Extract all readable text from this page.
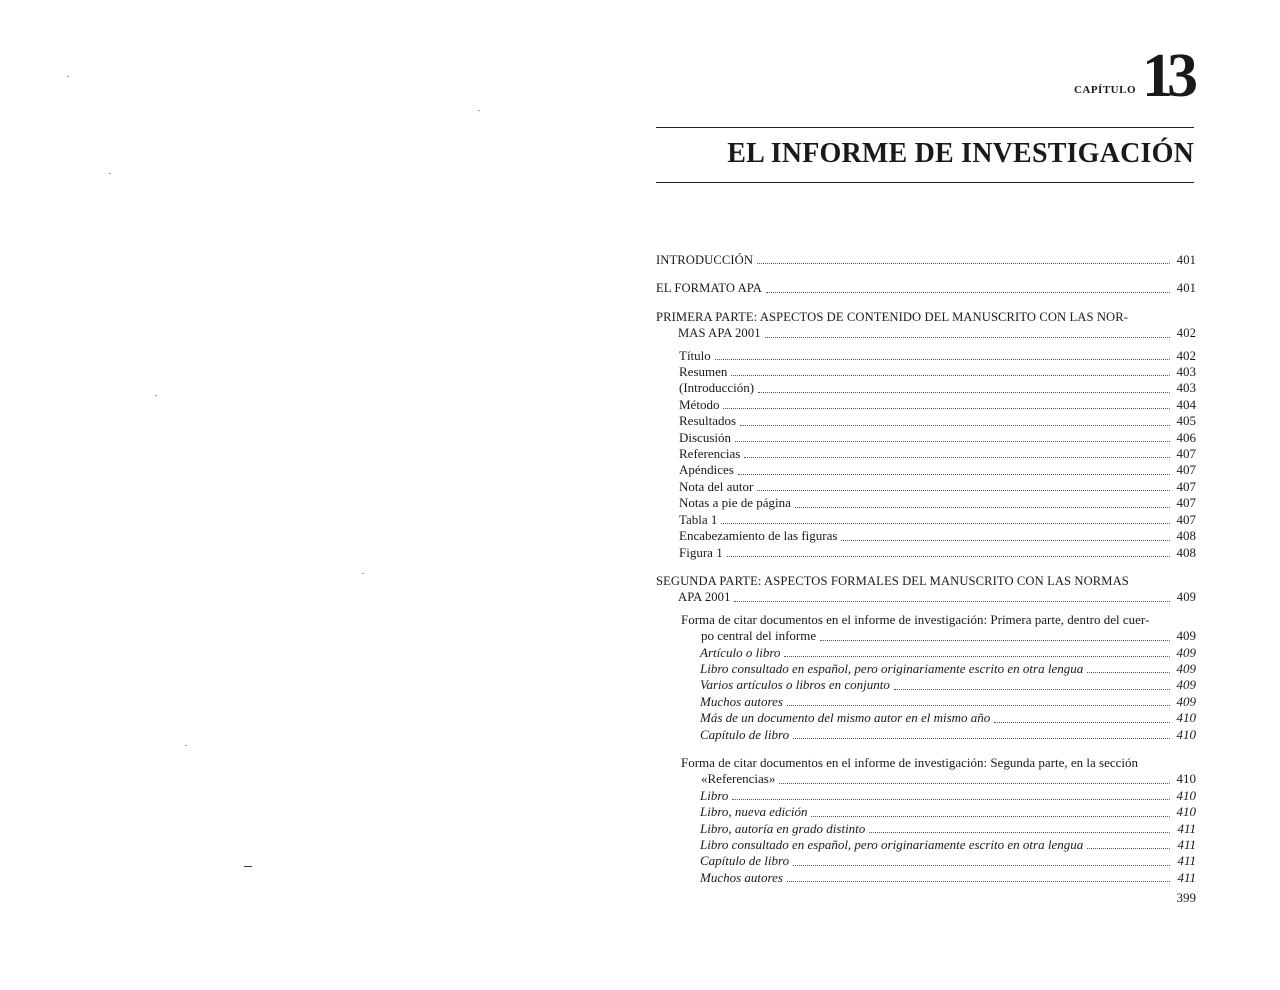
CAPÍTULO 13
EL INFORME DE INVESTIGACIÓN
INTRODUCCIÓN	401
EL FORMATO APA	401
PRIMERA PARTE: ASPECTOS DE CONTENIDO DEL MANUSCRITO CON LAS NOR-
MAS APA 2001	402
Título	402
Resumen	403
(Introducción)	403
Método	404
Resultados	405
Discusión	406
Referencias	407
Apéndices	407
Nota del autor	407
Notas a pie de página	407
Tabla 1	407
Encabezamiento de las figuras	408
Figura 1	408
SEGUNDA PARTE: ASPECTOS FORMALES DEL MANUSCRITO CON LAS NORMAS
APA 2001	409
Forma de citar documentos en el informe de investigación: Primera parte, dentro del cuer-
po central del informe	409
Artículo o libro	409
Libro consultado en español, pero originariamente escrito en otra lengua	409
Varios artículos o libros en conjunto	409
Muchos autores	409
Más de un documento del mismo autor en el mismo año	410
Capítulo de libro	410
Forma de citar documentos en el informe de investigación: Segunda parte, en la sección
«Referencias»	410
Libro	410
Libro, nueva edición	410
Libro, autoría en grado distinto	411
Libro consultado en español, pero originariamente escrito en otra lengua	411
Capítulo de libro	411
Muchos autores	411
399
